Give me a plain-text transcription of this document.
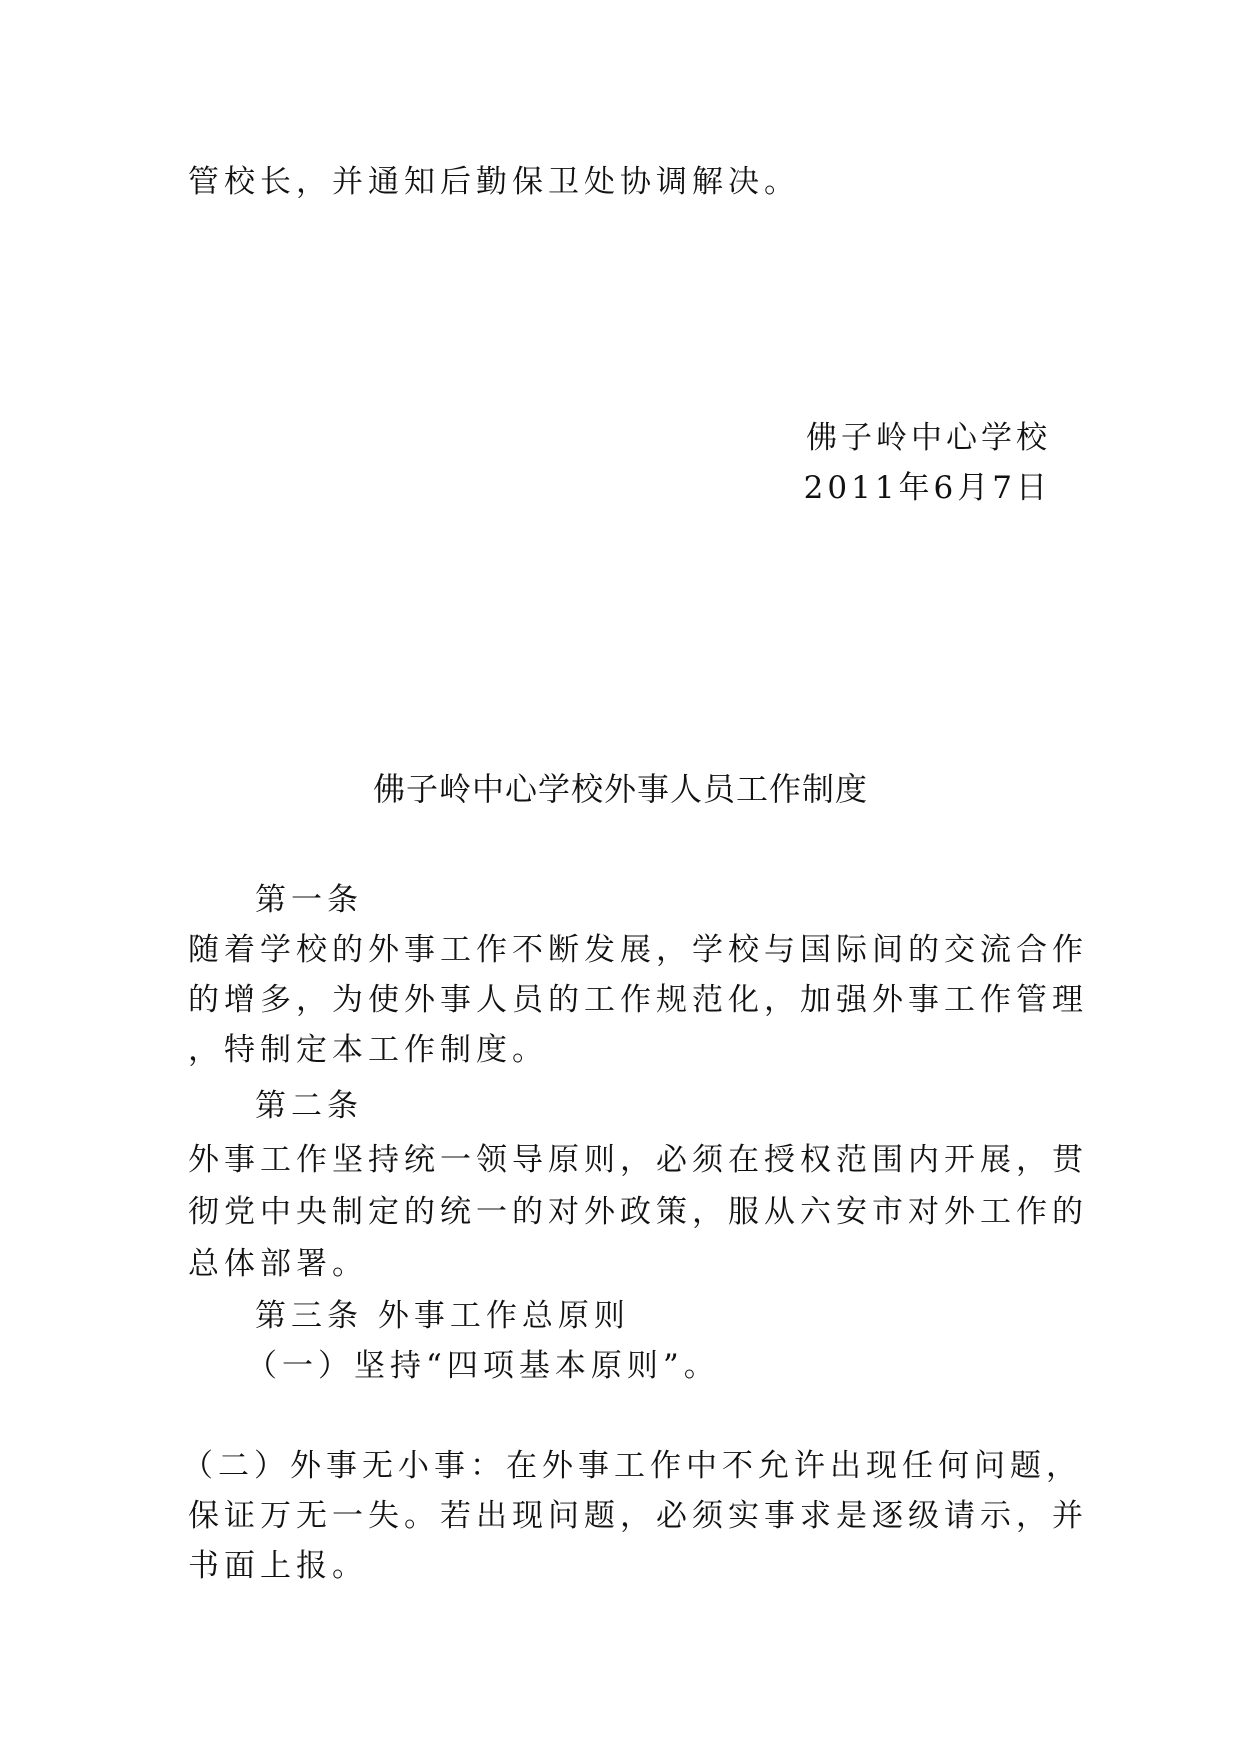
管校长，并通知后勤保卫处协调解决。
佛子岭中心学校
2011年6月7日
佛子岭中心学校外事人员工作制度
第一条
随着学校的外事工作不断发展，学校与国际间的交流合作
的增多，为使外事人员的工作规范化，加强外事工作管理
，特制定本工作制度。
第二条
外事工作坚持统一领导原则，必须在授权范围内开展，贯
彻党中央制定的统一的对外政策，服从六安市对外工作的
总体部署。
第三条 外事工作总原则
（一）坚持“四项基本原则”。
（二）外事无小事：在外事工作中不允许出现任何问题，
保证万无一失。若出现问题，必须实事求是逐级请示，并
书面上报。
